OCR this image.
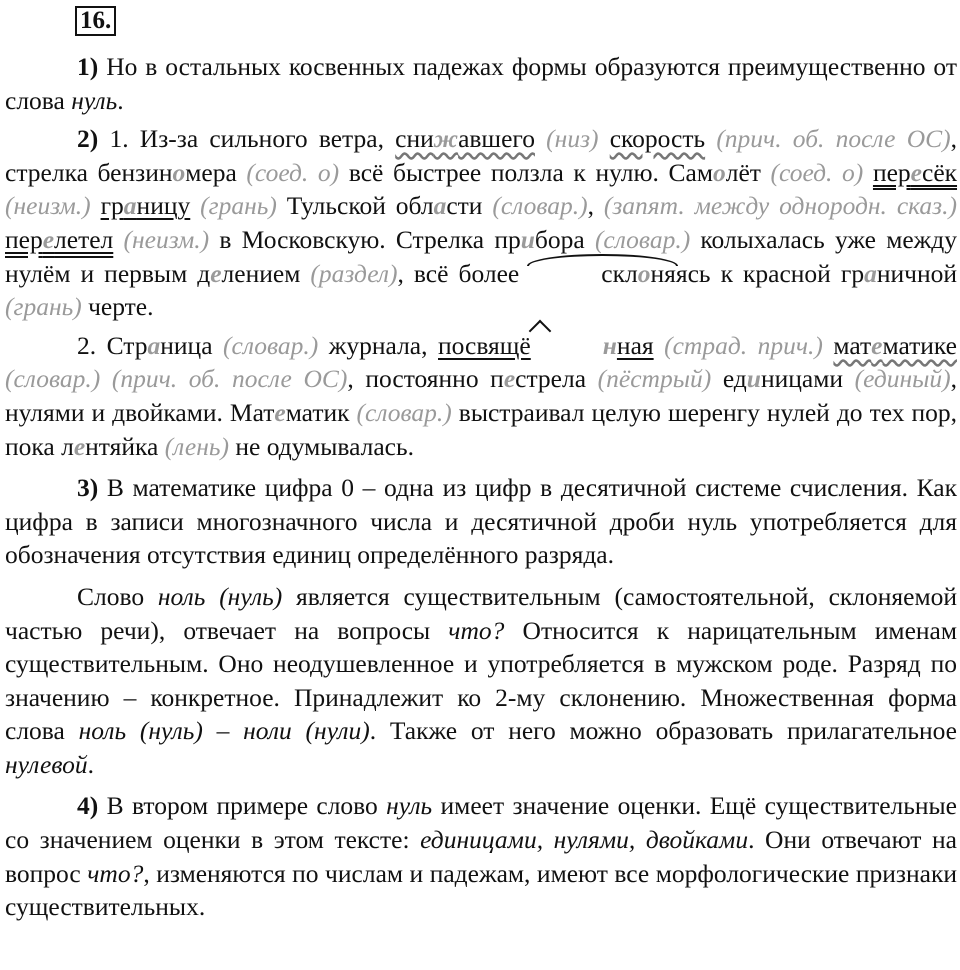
16.

1) Но в остальных косвенных падежах формы образуются преимущественно от слова нуль.

2) 1. Из-за сильного ветра, снижавшего (низ) скорость (прич. об. после ОС), стрелка бензиномера (соед. о) всё быстрее ползла к нулю. Самолёт (соед. о) пересёк (неизм.) границу (грань) Тульской области (словар.), (запят. между однородн. сказ.) перелетел (неизм.) в Московскую. Стрелка прибора (словар.) колыхалась уже между нулём и первым делением (раздел), всё более	склоняясь к красной граничной (грань) черте.

2. Страница (словар.) журнала, посвящё	нная (страд. прич.) математике (словар.) (прич. об. после ОС), постоянно пестрела (пёстрый) единицами (единый), нулями и двойками. Математик (словар.) выстраивал целую шеренгу нулей до тех пор, пока лентяйка (лень) не одумывалась.

3) В математике цифра 0 – одна из цифр в десятичной системе счисления. Как цифра в записи многозначного числа и десятичной дроби нуль употребляется для обозначения отсутствия единиц определённого разряда.

Слово ноль (нуль) является существительным (самостоятельной, склоняемой частью речи), отвечает на вопросы что? Относится к нарицательным именам существительным. Оно неодушевленное и употребляется в мужском роде. Разряд по значению – конкретное. Принадлежит ко 2-му склонению. Множественная форма слова ноль (нуль) – ноли (нули). Также от него можно образовать прилагательное нулевой.

4) В втором примере слово нуль имеет значение оценки. Ещё существительные со значением оценки в этом тексте: единицами, нулями, двойками. Они отвечают на вопрос что?, изменяются по числам и падежам, имеют все морфологические признаки существительных.
